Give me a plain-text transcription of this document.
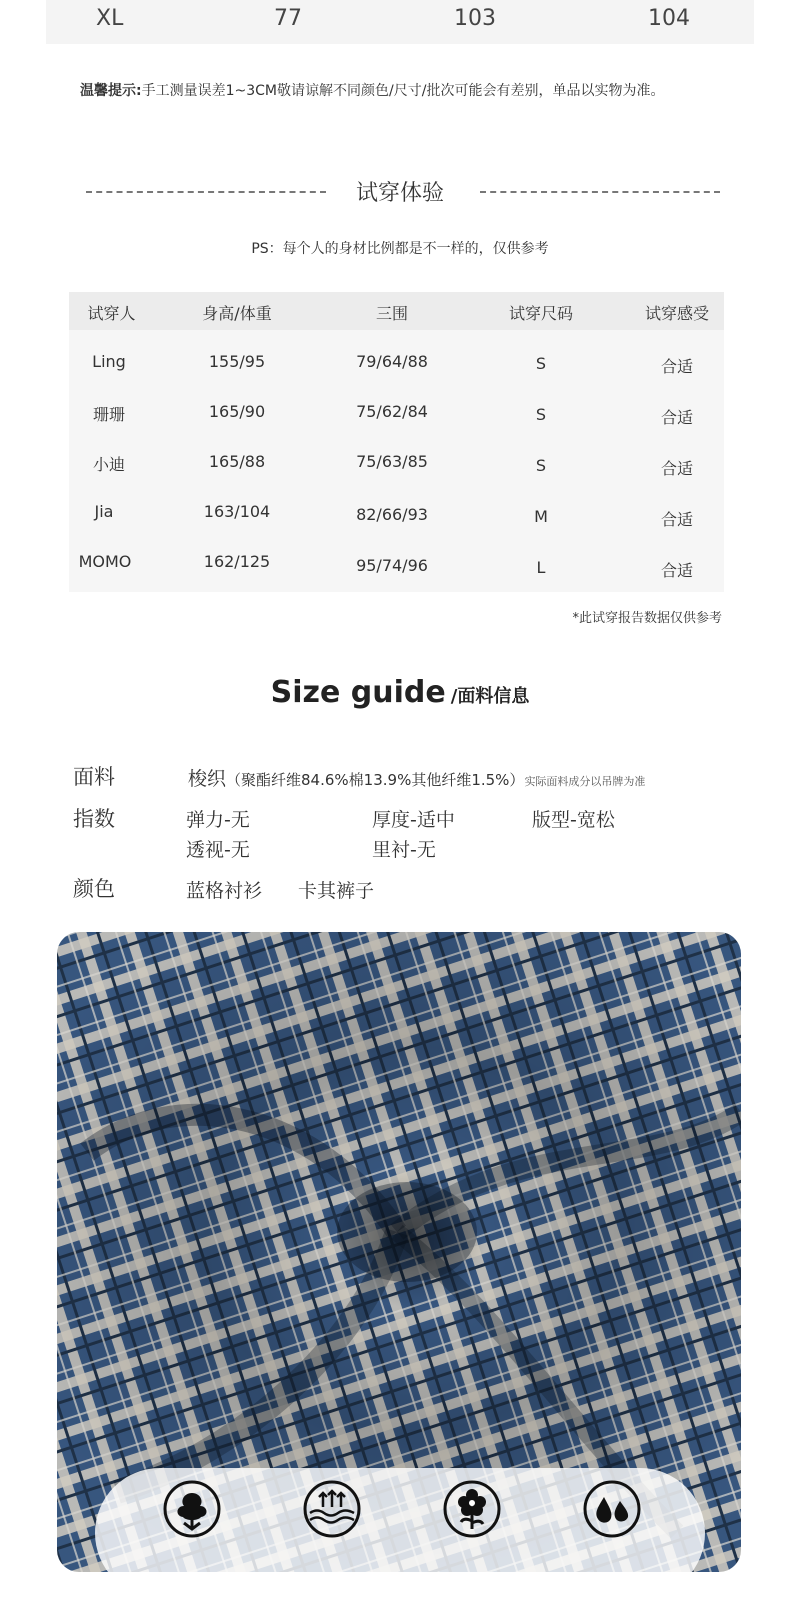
XL	77	103	104
温馨提示:手工测量误差1~3CM敬请谅解不同颜色/尺寸/批次可能会有差别，单品以实物为准。
试穿体验
PS：每个人的身材比例都是不一样的，仅供参考
试穿人	身高/体重	三围	试穿尺码	试穿感受
Ling	155/95	79/64/88	S	合适
珊珊	165/90	75/62/84	S	合适
小迪	165/88	75/63/85	S	合适
Jia	163/104	82/66/93	M	合适
MOMO	162/125	95/74/96	L	合适
*此试穿报告数据仅供参考
Size guide /面料信息
面料	梭织（聚酯纤维84.6%棉13.9%其他纤维1.5%）实际面料成分以吊牌为准
指数	弹力-无	厚度-适中	版型-宽松
透视-无	里衬-无
颜色	蓝格衬衫 卡其裤子
